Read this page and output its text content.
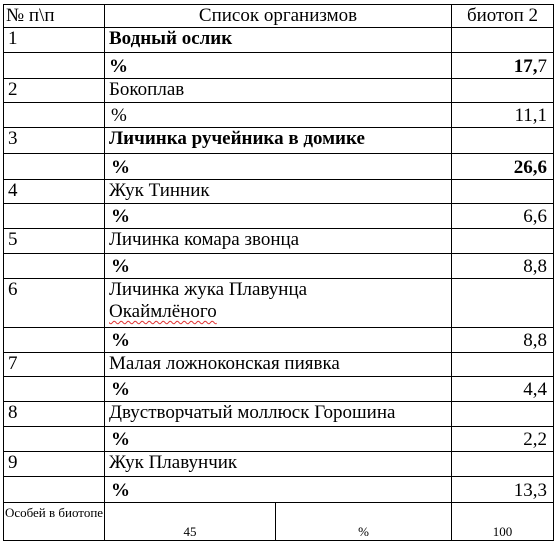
№ п\п	Список организмов		биотоп 2
1	Водный ослик		
	%		17,7
2	Бокоплав		
	%		11,1
3	Личинка ручейника в домике		
	%		26,6
4	Жук Тинник		
	%		6,6
5	Личинка комара звонца		
	%		8,8
6	Личинка жука Плавунца
Окаймлёного		
	%		8,8
7	Малая ложноконская пиявка		
	%		4,4
8	Двустворчатый моллюск Горошина		
	%		2,2
9	Жук Плавунчик		
	%		13,3
Особей в биотопе	45	%	100
